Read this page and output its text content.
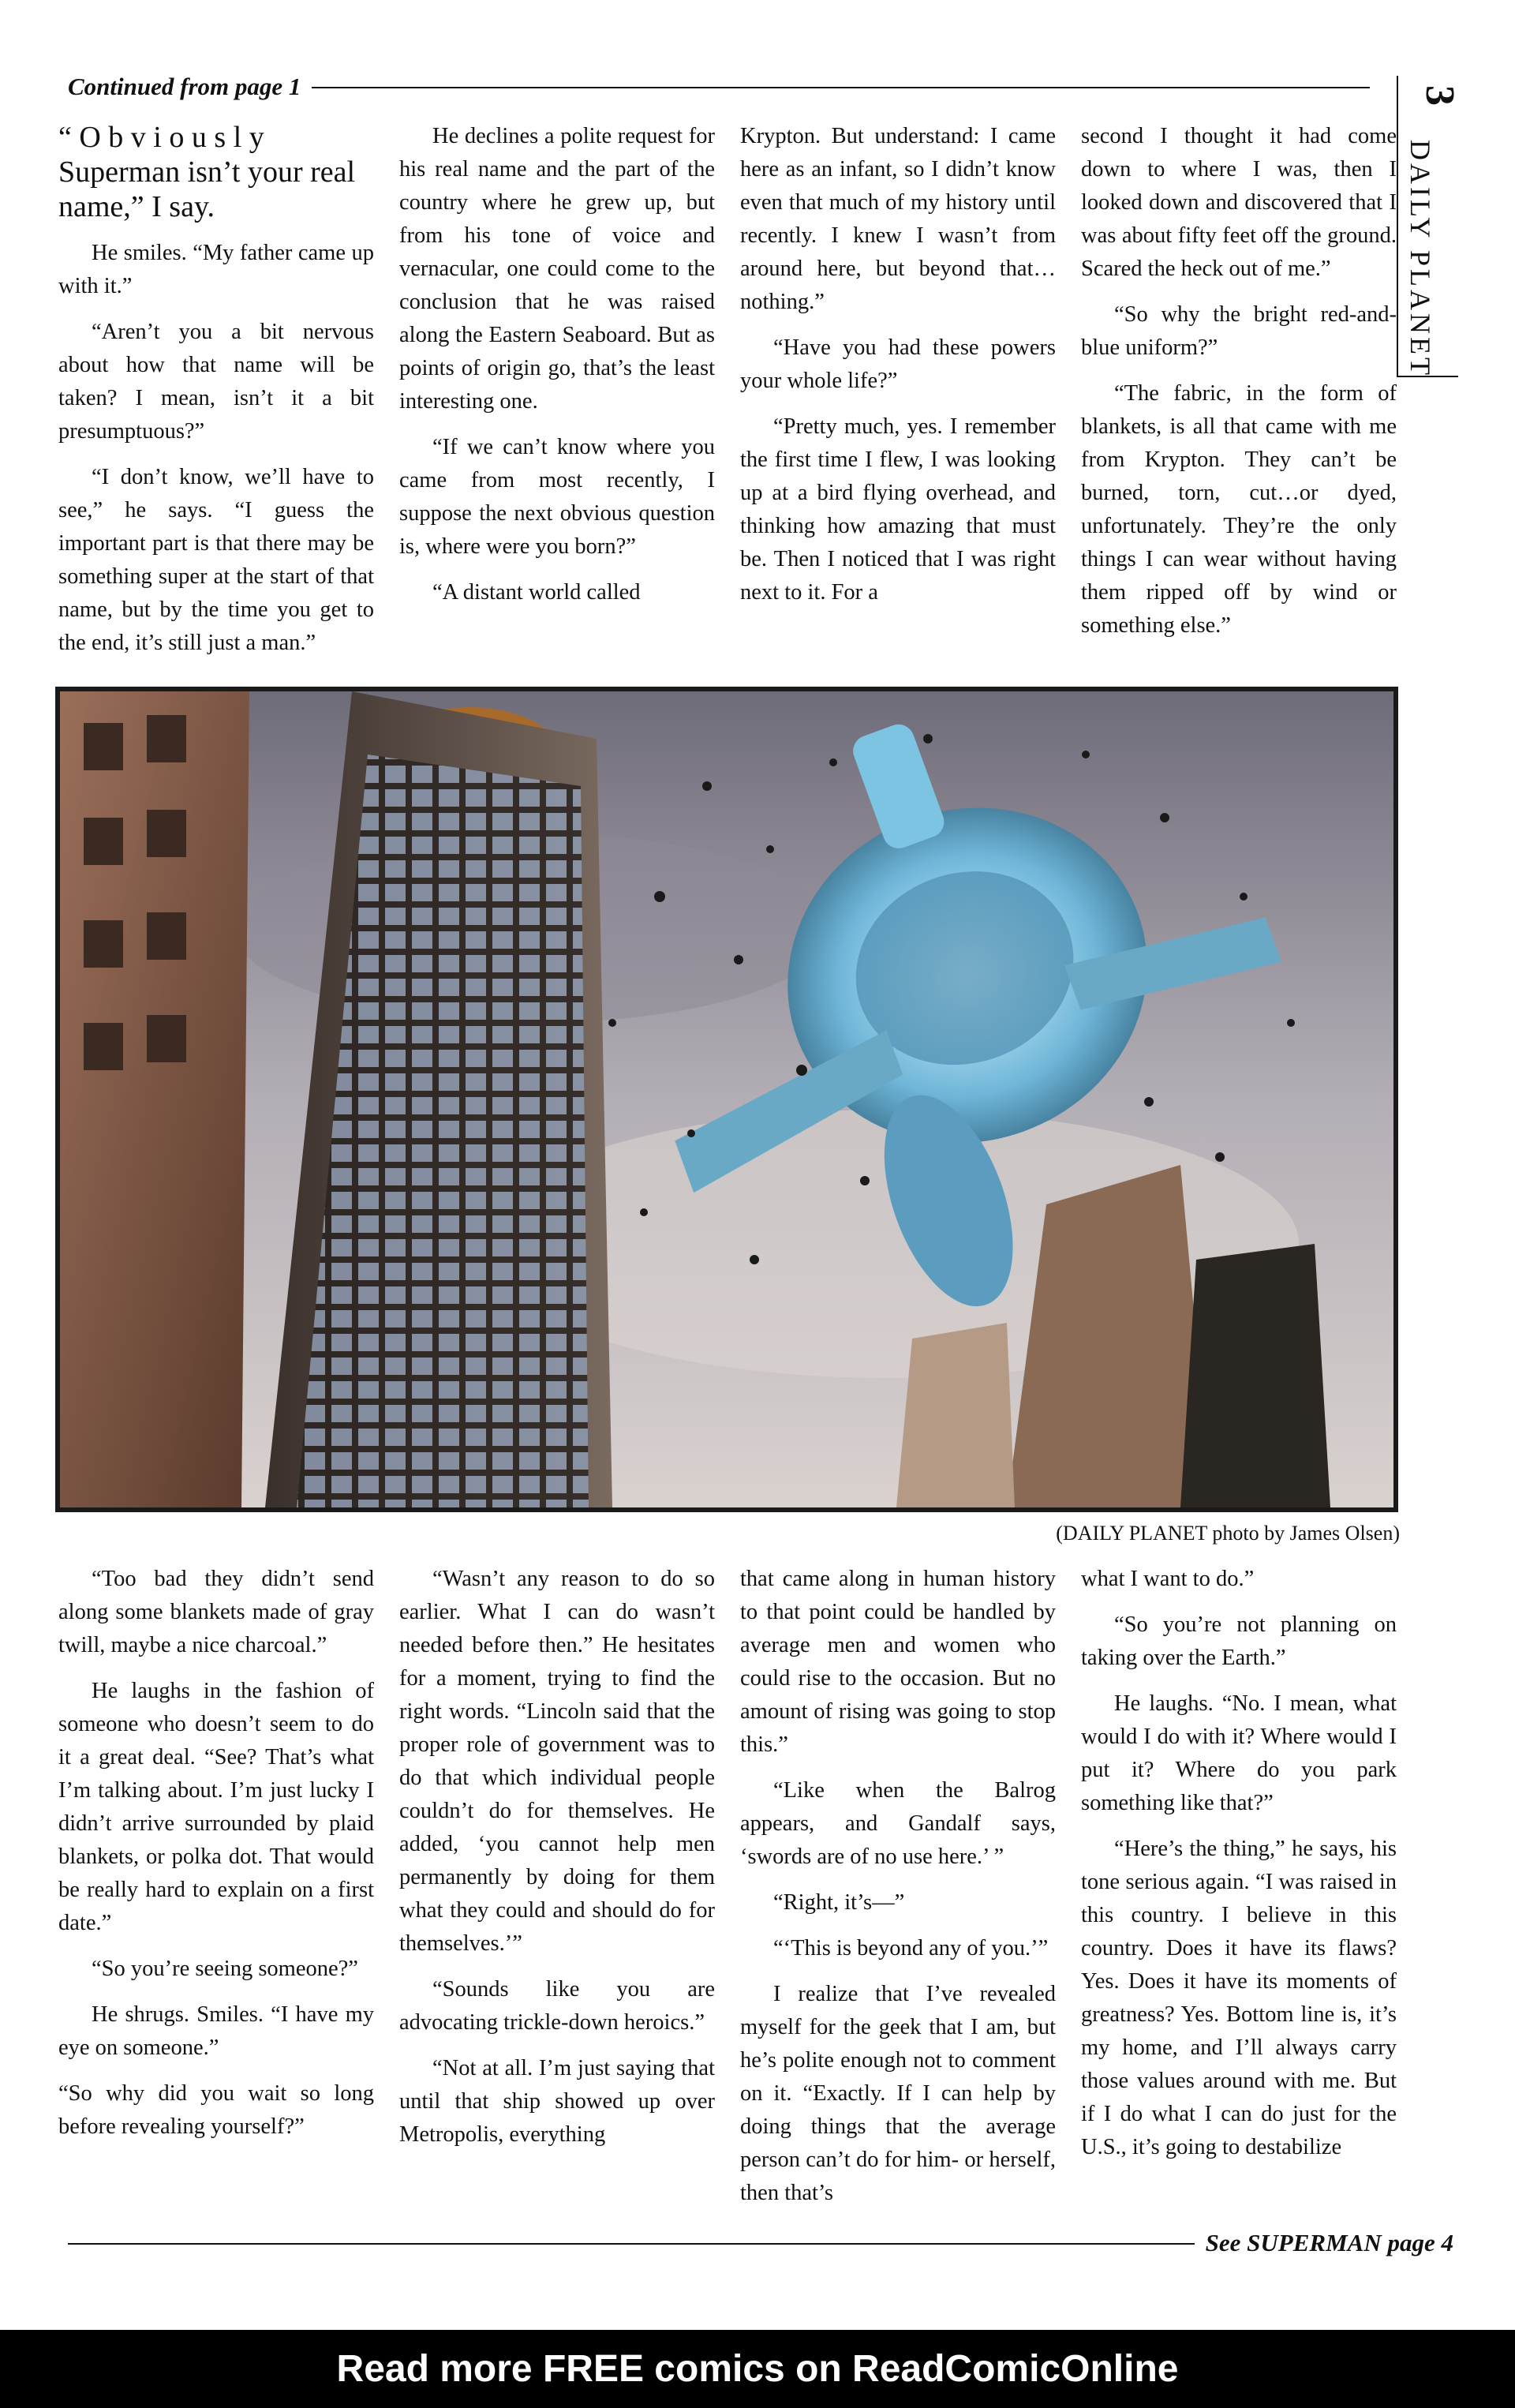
Continued from page 1	3
DAILY PLANET

“ O b v i o u s l y
Superman isn’t your real name,” I say.

He smiles. “My father came up with it.”

“Aren’t you a bit nervous about how that name will be taken? I mean, isn’t it a bit presumptuous?”

“I don’t know, we’ll have to see,” he says. “I guess the important part is that there may be something super at the start of that name, but by the time you get to the end, it’s still just a man.”

He declines a polite request for his real name and the part of the country where he grew up, but from his tone of voice and vernacular, one could come to the conclusion that he was raised along the Eastern Seaboard. But as points of origin go, that’s the least interesting one.

“If we can’t know where you came from most recently, I suppose the next obvious question is, where were you born?”

“A distant world called

Krypton. But understand: I came here as an infant, so I didn’t know even that much of my history until recently. I knew I wasn’t from around here, but beyond that… nothing.”

“Have you had these powers your whole life?”

“Pretty much, yes. I remember the first time I flew, I was looking up at a bird flying overhead, and thinking how amazing that must be. Then I noticed that I was right next to it. For a

second I thought it had come down to where I was, then I looked down and discovered that I was about fifty feet off the ground. Scared the heck out of me.”

“So why the bright red-and-blue uniform?”

“The fabric, in the form of blankets, is all that came with me from Krypton. They can’t be burned, torn, cut…or dyed, unfortunately. They’re the only things I can wear without having them ripped off by wind or something else.”

(DAILY PLANET photo by James Olsen)

“Too bad they didn’t send along some blankets made of gray twill, maybe a nice charcoal.”

He laughs in the fashion of someone who doesn’t seem to do it a great deal. “See? That’s what I’m talking about. I’m just lucky I didn’t arrive surrounded by plaid blankets, or polka dot. That would be really hard to explain on a first date.”

“So you’re seeing someone?”

He shrugs. Smiles. “I have my eye on someone.”

“So why did you wait so long before revealing yourself?”

“Wasn’t any reason to do so earlier. What I can do wasn’t needed before then.” He hesitates for a moment, trying to find the right words. “Lincoln said that the proper role of government was to do that which individual people couldn’t do for themselves. He added, ‘you cannot help men permanently by doing for them what they could and should do for themselves.’”

“Sounds like you are advocating trickle-down heroics.”

“Not at all. I’m just saying that until that ship showed up over Metropolis, everything

that came along in human history to that point could be handled by average men and women who could rise to the occasion. But no amount of rising was going to stop this.”

“Like when the Balrog appears, and Gandalf says, ‘swords are of no use here.’ ”

“Right, it’s—”

“‘This is beyond any of you.’”

I realize that I’ve revealed myself for the geek that I am, but he’s polite enough not to comment on it. “Exactly. If I can help by doing things that the average person can’t do for him- or herself, then that’s

what I want to do.”

“So you’re not planning on taking over the Earth.”

He laughs. “No. I mean, what would I do with it? Where would I put it? Where do you park something like that?”

“Here’s the thing,” he says, his tone serious again. “I was raised in this country. I believe in this country. Does it have its flaws? Yes. Does it have its moments of greatness? Yes. Bottom line is, it’s my home, and I’ll always carry those values around with me. But if I do what I can do just for the U.S., it’s going to destabilize

See SUPERMAN page 4
Read more FREE comics on ReadComicOnline
